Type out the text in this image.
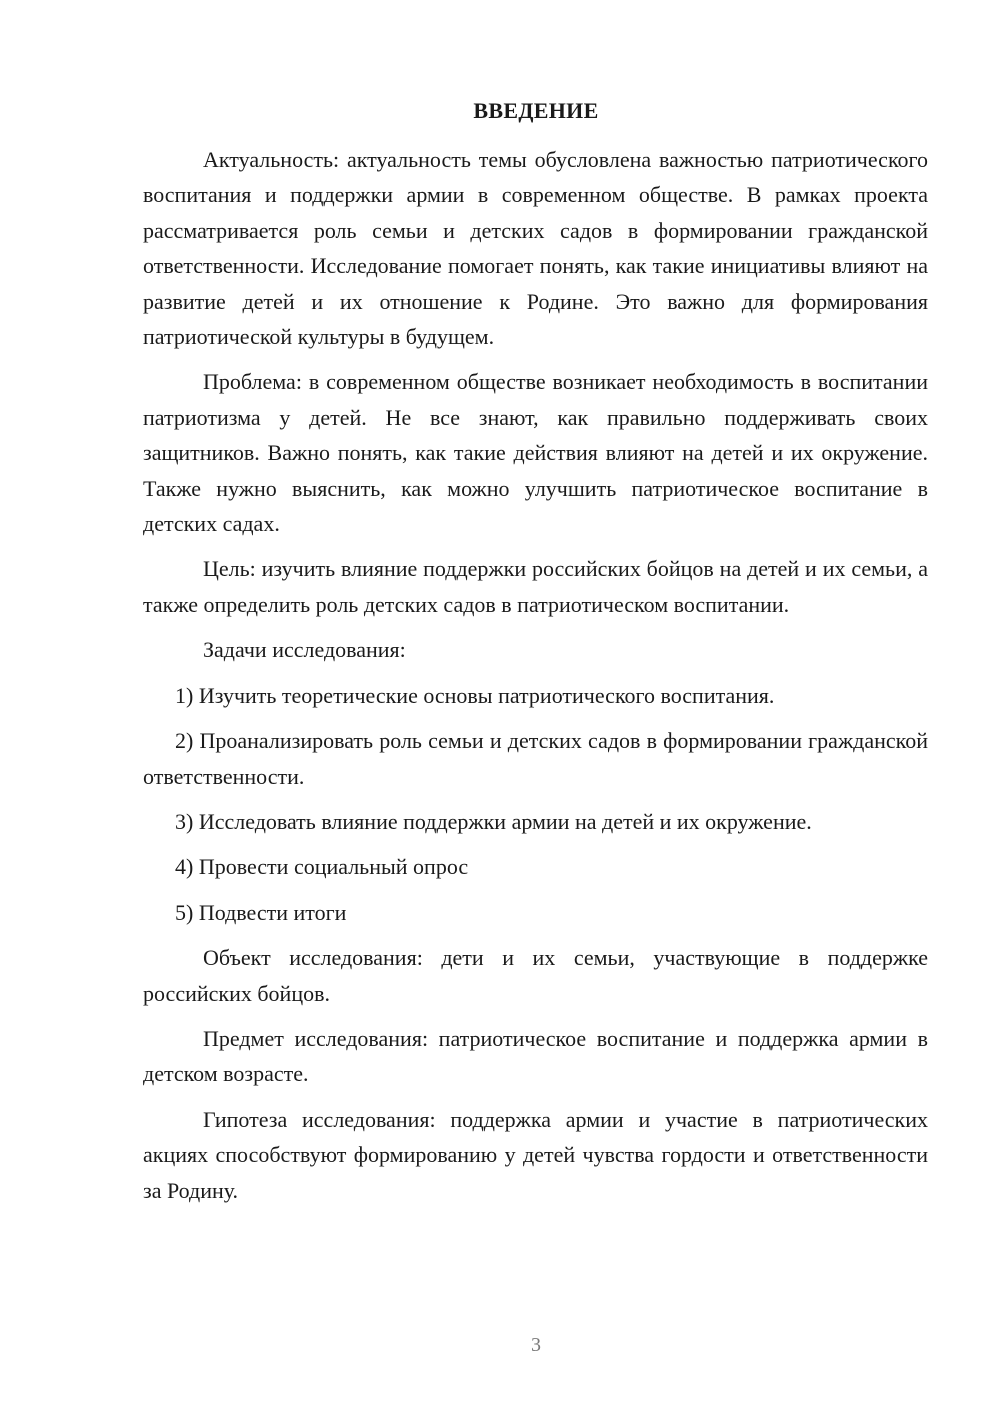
ВВЕДЕНИЕ

Актуальность: актуальность темы обусловлена важностью патриотического воспитания и поддержки армии в современном обществе. В рамках проекта рассматривается роль семьи и детских садов в формировании гражданской ответственности. Исследование помогает понять, как такие инициативы влияют на развитие детей и их отношение к Родине. Это важно для формирования патриотической культуры в будущем.

Проблема: в современном обществе возникает необходимость в воспитании патриотизма у детей. Не все знают, как правильно поддерживать своих защитников. Важно понять, как такие действия влияют на детей и их окружение. Также нужно выяснить, как можно улучшить патриотическое воспитание в детских садах.

Цель: изучить влияние поддержки российских бойцов на детей и их семьи, а также определить роль детских садов в патриотическом воспитании.

Задачи исследования:

1) Изучить теоретические основы патриотического воспитания.

2) Проанализировать роль семьи и детских садов в формировании гражданской ответственности.

3) Исследовать влияние поддержки армии на детей и их окружение.

4) Провести социальный опрос

5) Подвести итоги

Объект исследования: дети и их семьи, участвующие в поддержке российских бойцов.

Предмет исследования: патриотическое воспитание и поддержка армии в детском возрасте.

Гипотеза исследования: поддержка армии и участие в патриотических акциях способствуют формированию у детей чувства гордости и ответственности за Родину.

3
